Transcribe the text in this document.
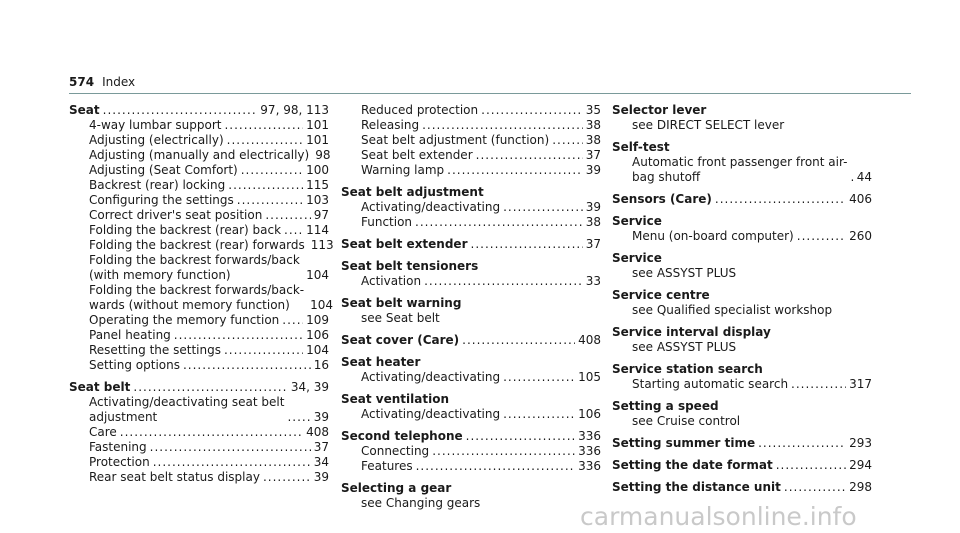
574 Index
Seat .....	97, 98, 113
4-way lumbar support .....	101
Adjusting (electrically) .....	101
Adjusting (manually and electrically) 98
Adjusting (Seat Comfort) .....	100
Backrest (rear) locking .....	115
Configuring the settings .....	103
Correct driver's seat position .....	97
Folding the backrest (rear) back ..... 114
Folding the backrest (rear) forwards 113
Folding the backrest forwards/back
(with memory function) .....	104
Folding the backrest forwards/back-
wards (without memory function)	104
Operating the memory function ..... 109
Panel heating .....	106
Resetting the settings .....	104
Setting options .....	16
Seat belt .....	34, 39
Activating/deactivating seat belt
adjustment .....	39
Care .....	408
Fastening .....	37
Protection .....	34
Rear seat belt status display .....	39
Reduced protection .....	35
Releasing .....	38
Seat belt adjustment (function) .....	38
Seat belt extender .....	37
Warning lamp .....	39
Seat belt adjustment
Activating/deactivating .....	39
Function .....	38
Seat belt extender .....	37
Seat belt tensioners
Activation .....	33
Seat belt warning
see Seat belt
Seat cover (Care) .....	408
Seat heater
Activating/deactivating .....	105
Seat ventilation
Activating/deactivating .....	106
Second telephone .....	336
Connecting .....	336
Features .....	336
Selecting a gear
see Changing gears
Selector lever
see DIRECT SELECT lever
Self-test
Automatic front passenger front air-
bag shutoff .....	44
Sensors (Care) .....	406
Service
Menu (on-board computer) .....	260
Service
see ASSYST PLUS
Service centre
see Qualified specialist workshop
Service interval display
see ASSYST PLUS
Service station search
Starting automatic search .....	317
Setting a speed
see Cruise control
Setting summer time .....	293
Setting the date format .....	294
Setting the distance unit .....	298
carmanualsonline.info
